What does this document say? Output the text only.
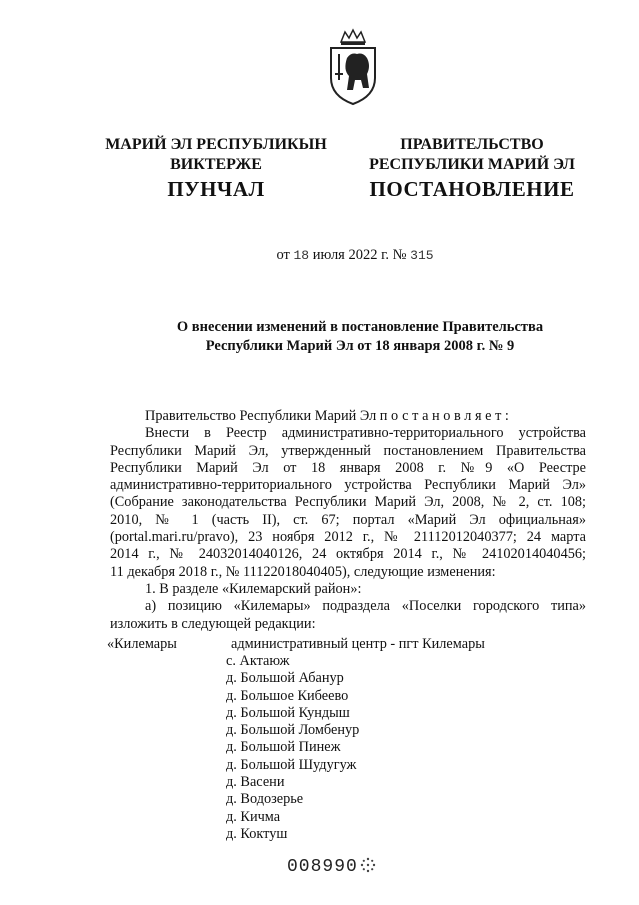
МАРИЙ ЭЛ РЕСПУБЛИКЫН
ВИКТЕРЖЕ
ПУНЧАЛ
ПРАВИТЕЛЬСТВО
РЕСПУБЛИКИ МАРИЙ ЭЛ
ПОСТАНОВЛЕНИЕ
от 18 июля 2022 г. № 315
О внесении изменений в постановление Правительства
Республики Марий Эл от 18 января 2008 г. № 9

Правительство Республики Марий Эл постановляет:

Внести в Реестр административно-территориального устройства

Республики Марий Эл, утвержденный постановлением Правительства

Республики Марий Эл от 18 января 2008 г. №9 «О Реестре

административно-территориального устройства Республики Марий Эл»

(Собрание законодательства Республики Марий Эл, 2008, № 2, ст. 108;

2010, № 1 (часть II), ст. 67; портал «Марий Эл официальная»

(portal.mari.ru/pravo), 23 ноября 2012 г., № 21112012040377; 24 марта

2014 г., № 24032014040126, 24 октября 2014 г., № 24102014040456;

11 декабря 2018 г., № 11122018040405), следующие изменения:

1. В разделе «Килемарский район»:

а) позицию «Килемары» подраздела «Поселки городского типа»

изложить в следующей редакции:

«Килемары	административный центр - пгт Килемары
с. Актаюж
д. Большой Абанур
д. Большое Кибеево
д. Большой Кундыш
д. Большой Ломбенур
д. Большой Пинеж
д. Большой Шудугуж
д. Васени
д. Водозерье
д. Кичма
д. Коктуш
008990
